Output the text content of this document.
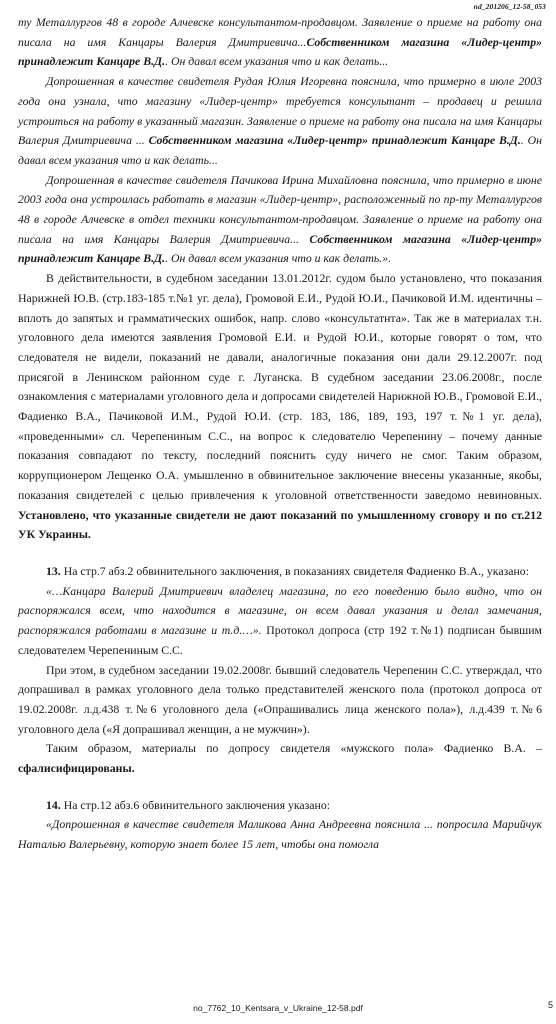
nd_201206_12-58_053

ту Металлургов 48 в городе Алчевске консультантом-продавцом. Заявление о приеме на работу она писала на имя Канцары Валерия Дмитриевича...Собственником магазина «Лидер-центр» принадлежит Канцаре В.Д.. Он давал всем указания что и как делать...

Допрошенная в качестве свидетеля Рудая Юлия Игоревна пояснила, что примерно в июле 2003 года она узнала, что магазину «Лидер-центр» требуется консультант – продавец и решила устроиться на работу в указанный магазин. Заявление о приеме на работу она писала на имя Канцары Валерия Дмитриевича ... Собственником магазина «Лидер-центр» принадлежит Канцаре В.Д.. Он давал всем указания что и как делать...

Допрошенная в качестве свидетеля Пачикова Ирина Михайловна пояснила, что примерно в июне 2003 года она устроилась работать в магазин «Лидер-центр», расположенный по пр-ту Металлургов 48 в городе Алчевске в отдел техники консультантом-продавцом. Заявление о приеме на работу она писала на имя Канцары Валерия Дмитриевича... Собственником магазина «Лидер-центр» принадлежит Канцаре В.Д.. Он давал всем указания что и как делать.».

В действительности, в судебном заседании 13.01.2012г. судом было установлено, что показания Нарижней Ю.В. (стр.183-185 т.№1 уг. дела), Громовой Е.И., Рудой Ю.И., Пачиковой И.М. идентичны – вплоть до запятых и грамматических ошибок, напр. слово «консультатнта». Так же в материалах т.н. уголовного дела имеются заявления Громовой Е.И. и Рудой Ю.И., которые говорят о том, что следователя не видели, показаний не давали, аналогичные показания они дали 29.12.2007г. под присягой в Ленинском районном суде г. Луганска. В судебном заседании 23.06.2008г., после ознакомления с материалами уголовного дела и допросами свидетелей Нарижной Ю.В., Громовой Е.И., Фадиенко В.А., Пачиковой И.М., Рудой Ю.И. (стр. 183, 186, 189, 193, 197 т.№1 уг. дела), «проведенными» сл. Черепениным С.С., на вопрос к следователю Черепенину – почему данные показания совпадают по тексту, последний пояснить суду ничего не смог. Таким образом, коррупционером Лещенко О.А. умышленно в обвинительное заключение внесены указанные, якобы, показания свидетелей с целью привлечения к уголовной ответственности заведомо невиновных. Установлено, что указанные свидетели не дают показаний по умышленному сговору и по ст.212 УК Украины.

13. На стр.7 абз.2 обвинительного заключения, в показаниях свидетеля Фадиенко В.А., указано:

«…Канцара Валерий Дмитриевич владелец магазина, по его поведению было видно, что он распоряжался всем, что находится в магазине, он всем давал указания и делал замечания, распоряжался работами в магазине и т.д.…». Протокол допроса (стр 192 т.№1) подписан бывшим следователем Черепениным С.С.

При этом, в судебном заседании 19.02.2008г. бывший следователь Черепенин С.С. утверждал, что допрашивал в рамках уголовного дела только представителей женского пола (протокол допроса от 19.02.2008г. л.д.438 т.№6 уголовного дела («Опрашивались лица женского пола»), л.д.439 т.№6 уголовного дела («Я допрашивал женщин, а не мужчин»).

Таким образом, материалы по допросу свидетеля «мужского пола» Фадиенко В.А. – сфалисифицированы.

14. На стр.12 абз.6 обвинительного заключения указано:

«Допрошенная в качестве свидетеля Маликова Анна Андреевна пояснила ... попросила Марийчук Наталью Валерьевну, которую знает более 15 лет, чтобы она помогла

no_7762_10_Kentsara_v_Ukraine_12-58.pdf	5
